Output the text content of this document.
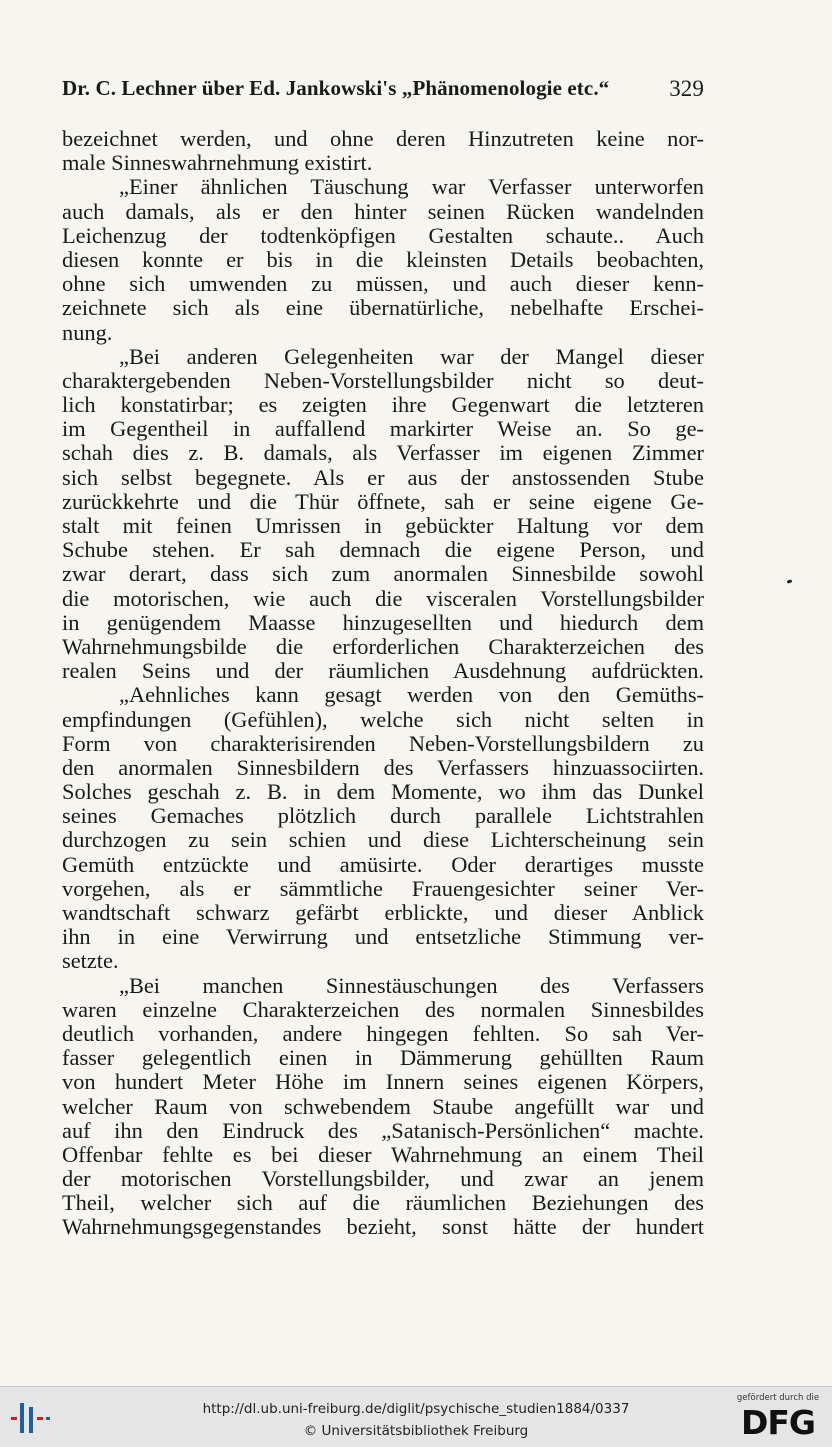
Dr. C. Lechner über Ed. Jankowski's „Phänomenologie etc.“	329
bezeichnet werden, und ohne deren Hinzutreten keine nor-
male Sinneswahrnehmung existirt.
„Einer ähnlichen Täuschung war Verfasser unterworfen
auch damals, als er den hinter seinen Rücken wandelnden
Leichenzug der todtenköpfigen Gestalten schaute.. Auch
diesen konnte er bis in die kleinsten Details beobachten,
ohne sich umwenden zu müssen, und auch dieser kenn-
zeichnete sich als eine übernatürliche, nebelhafte Erschei-
nung.
„Bei anderen Gelegenheiten war der Mangel dieser
charaktergebenden Neben-Vorstellungsbilder nicht so deut-
lich konstatirbar; es zeigten ihre Gegenwart die letzteren
im Gegentheil in auffallend markirter Weise an. So ge-
schah dies z. B. damals, als Verfasser im eigenen Zimmer
sich selbst begegnete. Als er aus der anstossenden Stube
zurückkehrte und die Thür öffnete, sah er seine eigene Ge-
stalt mit feinen Umrissen in gebückter Haltung vor dem
Schube stehen. Er sah demnach die eigene Person, und
zwar derart, dass sich zum anormalen Sinnesbilde sowohl
die motorischen, wie auch die visceralen Vorstellungsbilder
in genügendem Maasse hinzugesellten und hiedurch dem
Wahrnehmungsbilde die erforderlichen Charakterzeichen des
realen Seins und der räumlichen Ausdehnung aufdrückten.
„Aehnliches kann gesagt werden von den Gemüths-
empfindungen (Gefühlen), welche sich nicht selten in
Form von charakterisirenden Neben-Vorstellungsbildern zu
den anormalen Sinnesbildern des Verfassers hinzuassociirten.
Solches geschah z. B. in dem Momente, wo ihm das Dunkel
seines Gemaches plötzlich durch parallele Lichtstrahlen
durchzogen zu sein schien und diese Lichterscheinung sein
Gemüth entzückte und amüsirte. Oder derartiges musste
vorgehen, als er sämmtliche Frauengesichter seiner Ver-
wandtschaft schwarz gefärbt erblickte, und dieser Anblick
ihn in eine Verwirrung und entsetzliche Stimmung ver-
setzte.
„Bei manchen Sinnestäuschungen des Verfassers
waren einzelne Charakterzeichen des normalen Sinnesbildes
deutlich vorhanden, andere hingegen fehlten. So sah Ver-
fasser gelegentlich einen in Dämmerung gehüllten Raum
von hundert Meter Höhe im Innern seines eigenen Körpers,
welcher Raum von schwebendem Staube angefüllt war und
auf ihn den Eindruck des „Satanisch-Persönlichen“ machte.
Offenbar fehlte es bei dieser Wahrnehmung an einem Theil
der motorischen Vorstellungsbilder, und zwar an jenem
Theil, welcher sich auf die räumlichen Beziehungen des
Wahrnehmungsgegenstandes bezieht, sonst hätte der hundert
http://dl.ub.uni-freiburg.de/diglit/psychische_studien1884/0337
© Universitätsbibliothek Freiburg
gefördert durch die
DFG
